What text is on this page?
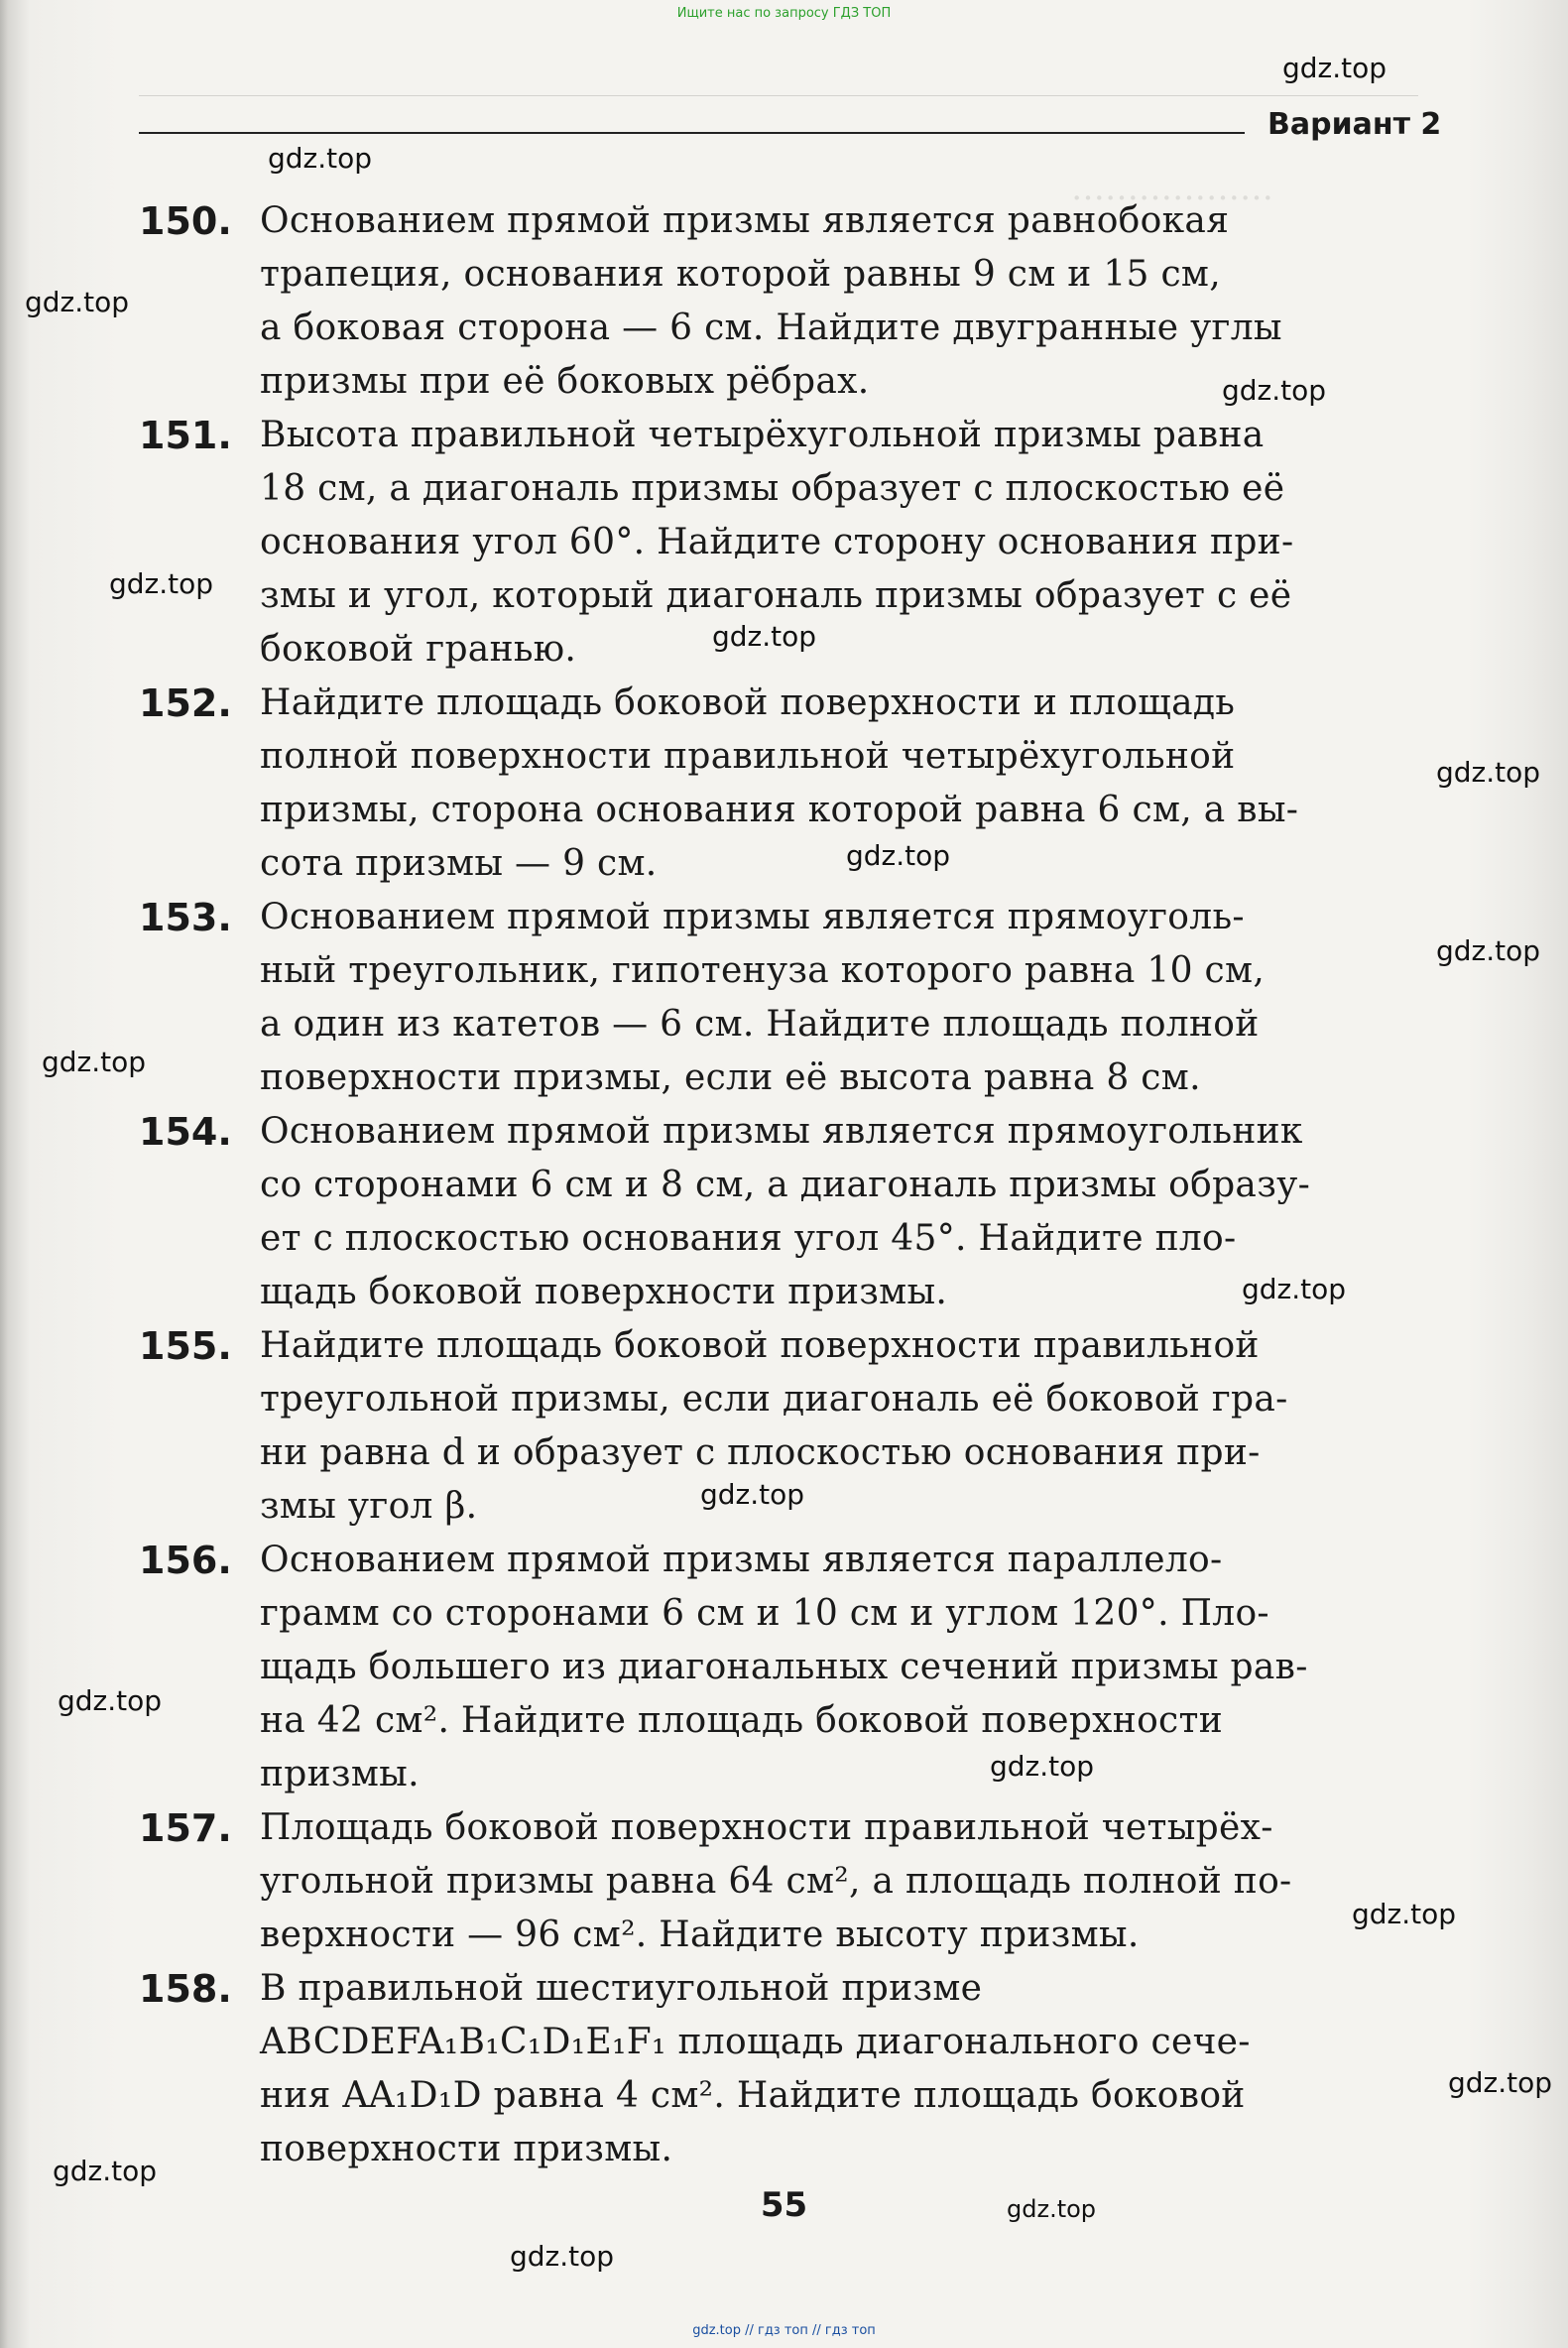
Ищите нас по запросу ГДЗ ТОП
………………
Вариант 2
150. Основанием прямой призмы является равнобокая
трапеция, основания которой равны 9 см и 15 см,
а боковая сторона — 6 см. Найдите двугранные углы
призмы при её боковых рёбрах.
151. Высота правильной четырёхугольной призмы равна
18 см, а диагональ призмы образует с плоскостью её
основания угол 60°. Найдите сторону основания при-
змы и угол, который диагональ призмы образует с её
боковой гранью.
152. Найдите площадь боковой поверхности и площадь
полной поверхности правильной четырёхугольной
призмы, сторона основания которой равна 6 см, а вы-
сота призмы — 9 см.
153. Основанием прямой призмы является прямоуголь-
ный треугольник, гипотенуза которого равна 10 см,
а один из катетов — 6 см. Найдите площадь полной
поверхности призмы, если её высота равна 8 см.
154. Основанием прямой призмы является прямоугольник
со сторонами 6 см и 8 см, а диагональ призмы образу-
ет с плоскостью основания угол 45°. Найдите пло-
щадь боковой поверхности призмы.
155. Найдите площадь боковой поверхности правильной
треугольной призмы, если диагональ её боковой гра-
ни равна d и образует с плоскостью основания при-
змы угол β.
156. Основанием прямой призмы является параллело-
грамм со сторонами 6 см и 10 см и углом 120°. Пло-
щадь большего из диагональных сечений призмы рав-
на 42 см². Найдите площадь боковой поверхности
призмы.
157. Площадь боковой поверхности правильной четырёх-
угольной призмы равна 64 см², а площадь полной по-
верхности — 96 см². Найдите высоту призмы.
158. В правильной шестиугольной призме
ABCDEFA₁B₁C₁D₁E₁F₁ площадь диагонального сече-
ния AA₁D₁D равна 4 см². Найдите площадь боковой
поверхности призмы.
55
gdz.top
gdz.top
gdz.top
gdz.top
gdz.top
gdz.top
gdz.top
gdz.top
gdz.top
gdz.top
gdz.top
gdz.top
gdz.top
gdz.top
gdz.top
gdz.top
gdz.top
gdz.top
gdz.top
gdz.top // гдз топ // гдз топ
